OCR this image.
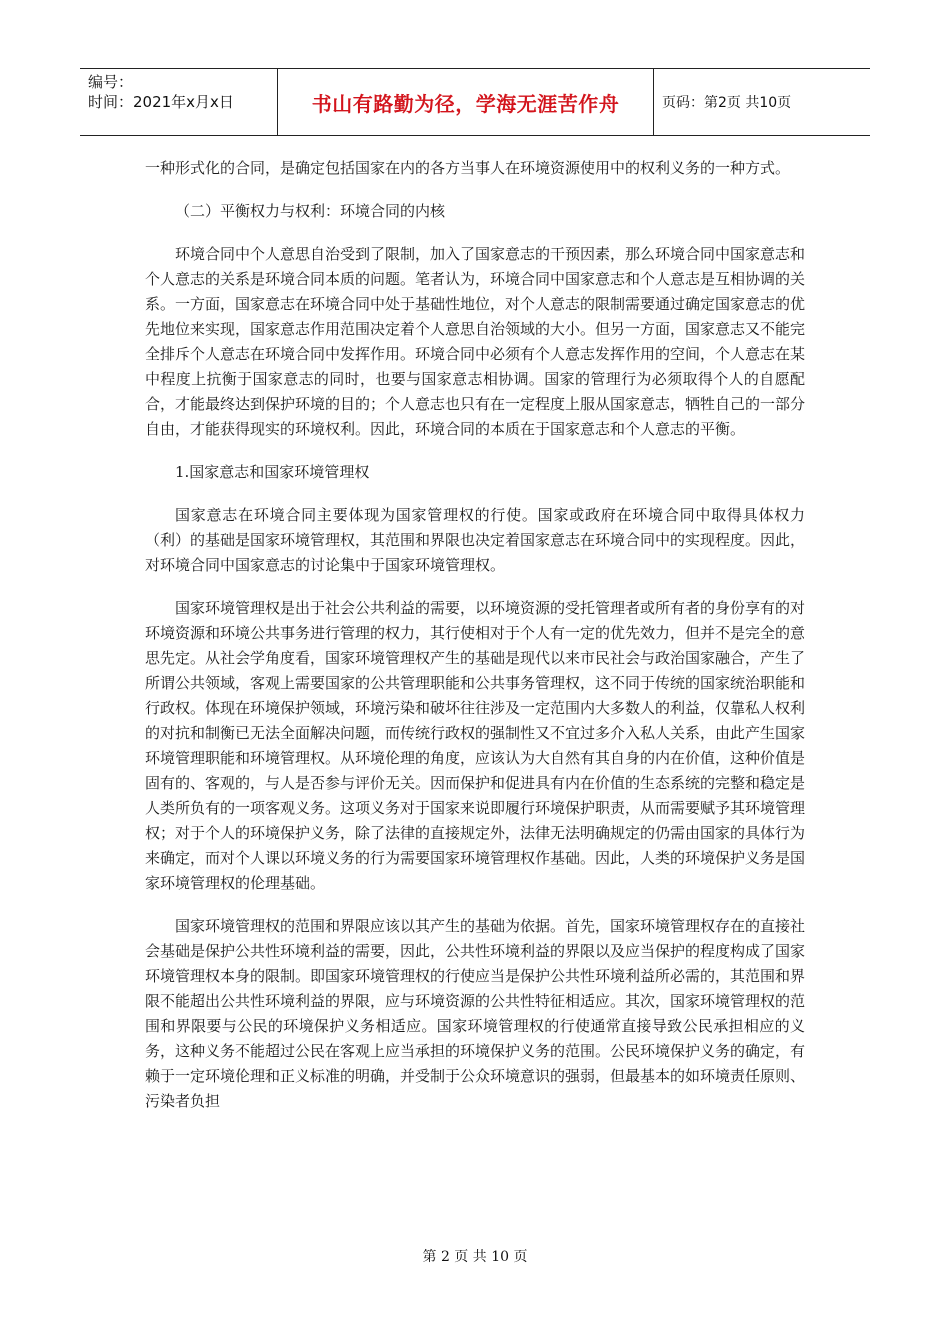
编号：
时间：2021年x月x日	书山有路勤为径，学海无涯苦作舟	页码：第2页 共10页

一种形式化的合同，是确定包括国家在内的各方当事人在环境资源使用中的权利义务的一种方式。

（二）平衡权力与权利：环境合同的内核

环境合同中个人意思自治受到了限制，加入了国家意志的干预因素，那么环境合同中国家意志和个人意志的关系是环境合同本质的问题。笔者认为，环境合同中国家意志和个人意志是互相协调的关系。一方面，国家意志在环境合同中处于基础性地位，对个人意志的限制需要通过确定国家意志的优先地位来实现，国家意志作用范围决定着个人意思自治领域的大小。但另一方面，国家意志又不能完全排斥个人意志在环境合同中发挥作用。环境合同中必须有个人意志发挥作用的空间，个人意志在某中程度上抗衡于国家意志的同时，也要与国家意志相协调。国家的管理行为必须取得个人的自愿配合，才能最终达到保护环境的目的；个人意志也只有在一定程度上服从国家意志，牺牲自己的一部分自由，才能获得现实的环境权利。因此，环境合同的本质在于国家意志和个人意志的平衡。

1.国家意志和国家环境管理权

国家意志在环境合同主要体现为国家管理权的行使。国家或政府在环境合同中取得具体权力（利）的基础是国家环境管理权，其范围和界限也决定着国家意志在环境合同中的实现程度。因此，对环境合同中国家意志的讨论集中于国家环境管理权。

国家环境管理权是出于社会公共利益的需要，以环境资源的受托管理者或所有者的身份享有的对环境资源和环境公共事务进行管理的权力，其行使相对于个人有一定的优先效力，但并不是完全的意思先定。从社会学角度看，国家环境管理权产生的基础是现代以来市民社会与政治国家融合，产生了所谓公共领域，客观上需要国家的公共管理职能和公共事务管理权，这不同于传统的国家统治职能和行政权。体现在环境保护领域，环境污染和破坏往往涉及一定范围内大多数人的利益，仅靠私人权利的对抗和制衡已无法全面解决问题，而传统行政权的强制性又不宜过多介入私人关系，由此产生国家环境管理职能和环境管理权。从环境伦理的角度，应该认为大自然有其自身的内在价值，这种价值是固有的、客观的，与人是否参与评价无关。因而保护和促进具有内在价值的生态系统的完整和稳定是人类所负有的一项客观义务。这项义务对于国家来说即履行环境保护职责，从而需要赋予其环境管理权；对于个人的环境保护义务，除了法律的直接规定外，法律无法明确规定的仍需由国家的具体行为来确定，而对个人课以环境义务的行为需要国家环境管理权作基础。因此，人类的环境保护义务是国家环境管理权的伦理基础。

国家环境管理权的范围和界限应该以其产生的基础为依据。首先，国家环境管理权存在的直接社会基础是保护公共性环境利益的需要，因此，公共性环境利益的界限以及应当保护的程度构成了国家环境管理权本身的限制。即国家环境管理权的行使应当是保护公共性环境利益所必需的，其范围和界限不能超出公共性环境利益的界限，应与环境资源的公共性特征相适应。其次，国家环境管理权的范围和界限要与公民的环境保护义务相适应。国家环境管理权的行使通常直接导致公民承担相应的义务，这种义务不能超过公民在客观上应当承担的环境保护义务的范围。公民环境保护义务的确定，有赖于一定环境伦理和正义标准的明确，并受制于公众环境意识的强弱，但最基本的如环境责任原则、污染者负担

第 2 页 共 10 页
